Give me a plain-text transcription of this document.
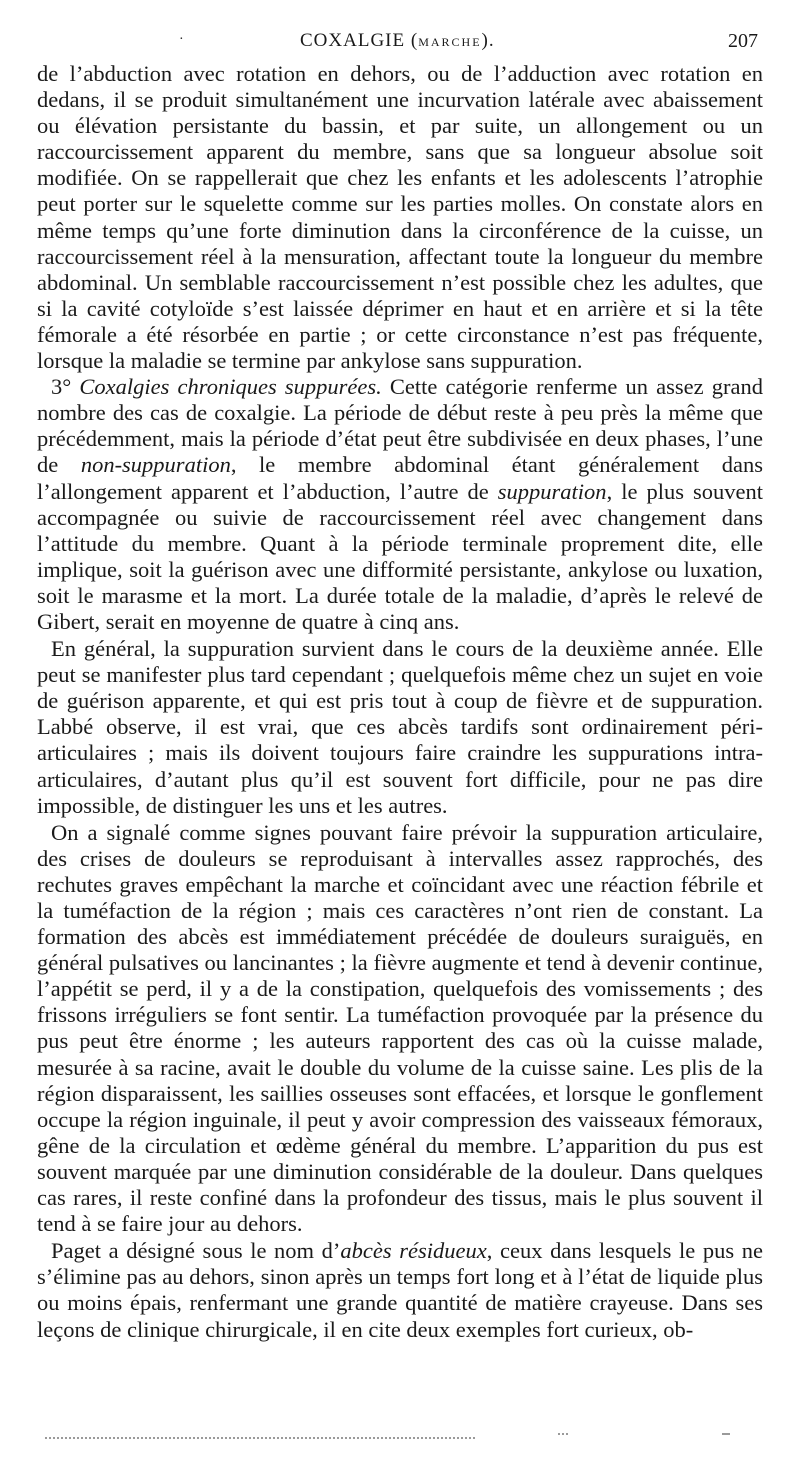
·	COXALGIE (MARCHE).	207

de l’abduction avec rotation en dehors, ou de l’adduction avec rotation en dedans, il se produit simultanément une incurvation latérale avec abaissement ou élévation persistante du bassin, et par suite, un allongement ou un raccourcissement apparent du membre, sans que sa longueur absolue soit modifiée. On se rappellerait que chez les enfants et les adolescents l’atrophie peut porter sur le squelette comme sur les parties molles. On constate alors en même temps qu’une forte diminution dans la circonférence de la cuisse, un raccourcissement réel à la mensuration, affectant toute la longueur du membre abdominal. Un semblable raccourcissement n’est possible chez les adultes, que si la cavité cotyloïde s’est laissée déprimer en haut et en arrière et si la tête fémorale a été résorbée en partie ; or cette circonstance n’est pas fréquente, lorsque la maladie se termine par ankylose sans suppuration.

3° Coxalgies chroniques suppurées. Cette catégorie renferme un assez grand nombre des cas de coxalgie. La période de début reste à peu près la même que précédemment, mais la période d’état peut être subdivisée en deux phases, l’une de non-suppuration, le membre abdominal étant généralement dans l’allongement apparent et l’abduction, l’autre de suppuration, le plus souvent accompagnée ou suivie de raccourcissement réel avec changement dans l’attitude du membre. Quant à la période terminale proprement dite, elle implique, soit la guérison avec une difformité persistante, ankylose ou luxation, soit le marasme et la mort. La durée totale de la maladie, d’après le relevé de Gibert, serait en moyenne de quatre à cinq ans.

En général, la suppuration survient dans le cours de la deuxième année. Elle peut se manifester plus tard cependant ; quelquefois même chez un sujet en voie de guérison apparente, et qui est pris tout à coup de fièvre et de suppuration. Labbé observe, il est vrai, que ces abcès tardifs sont ordinairement péri-articulaires ; mais ils doivent toujours faire craindre les suppurations intra-articulaires, d’autant plus qu’il est souvent fort difficile, pour ne pas dire impossible, de distinguer les uns et les autres.

On a signalé comme signes pouvant faire prévoir la suppuration articulaire, des crises de douleurs se reproduisant à intervalles assez rapprochés, des rechutes graves empêchant la marche et coïncidant avec une réaction fébrile et la tuméfaction de la région ; mais ces caractères n’ont rien de constant. La formation des abcès est immédiatement précédée de douleurs suraiguës, en général pulsatives ou lancinantes ; la fièvre augmente et tend à devenir continue, l’appétit se perd, il y a de la constipation, quelquefois des vomissements ; des frissons irréguliers se font sentir. La tuméfaction provoquée par la présence du pus peut être énorme ; les auteurs rapportent des cas où la cuisse malade, mesurée à sa racine, avait le double du volume de la cuisse saine. Les plis de la région disparaissent, les saillies osseuses sont effacées, et lorsque le gonflement occupe la région inguinale, il peut y avoir compression des vaisseaux fémoraux, gêne de la circulation et œdème général du membre. L’apparition du pus est souvent marquée par une diminution considérable de la douleur. Dans quelques cas rares, il reste confiné dans la profondeur des tissus, mais le plus souvent il tend à se faire jour au dehors.

Paget a désigné sous le nom d’abcès résidueux, ceux dans lesquels le pus ne s’élimine pas au dehors, sinon après un temps fort long et à l’état de liquide plus ou moins épais, renfermant une grande quantité de matière crayeuse. Dans ses leçons de clinique chirurgicale, il en cite deux exemples fort curieux, ob-
